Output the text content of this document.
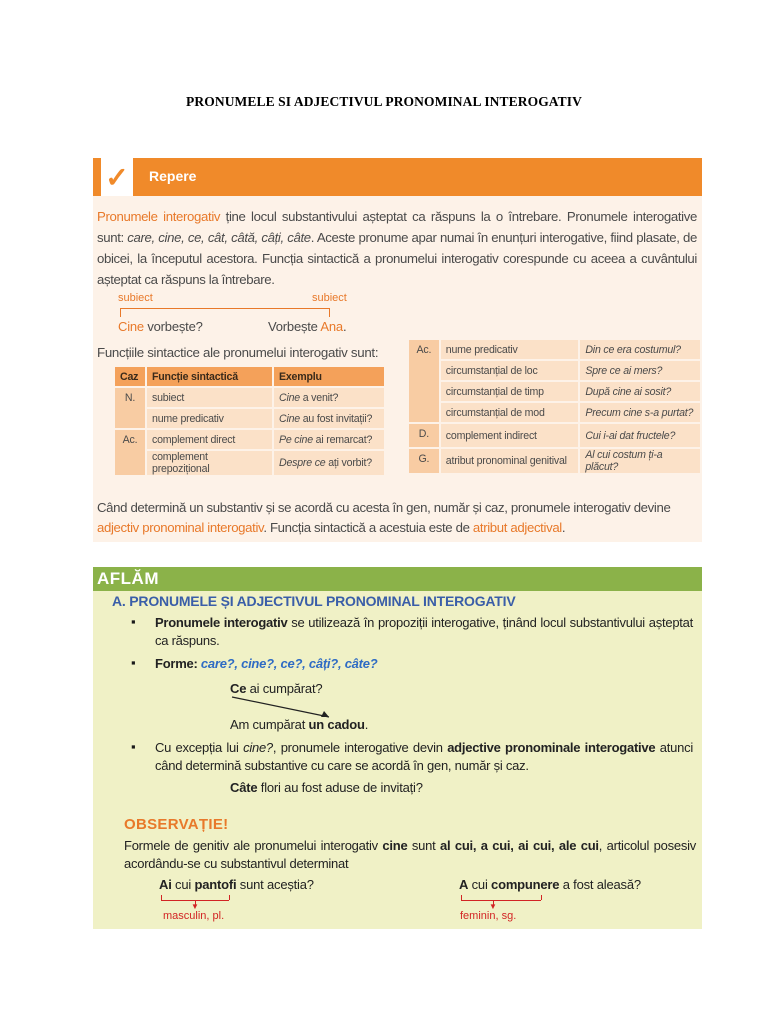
PRONUMELE SI ADJECTIVUL PRONOMINAL INTEROGATIV
✓	Repere
Pronumele interogativ ține locul substantivului așteptat ca răspuns la o întrebare. Pronumele interogative sunt: care, cine, ce, cât, câtă, câți, câte. Aceste pronume apar numai în enunțuri interogative, fiind plasate, de obicei, la începutul acestora. Funcția sintactică a pronumelui interogativ corespunde cu aceea a cuvântului așteptat ca răspuns la întrebare.
subiect	subiect
Cine vorbește?	Vorbește Ana.
Funcțiile sintactice ale pronumelui interogativ sunt:
Caz	Funcție sintactică	Exemplu
N.	subiect	Cine a venit?
	nume predicativ	Cine au fost invitații?
Ac.	complement direct	Pe cine ai remarcat?
	complement prepozițional	Despre ce ați vorbit?
Ac.	nume predicativ	Din ce era costumul?
	circumstanțial de loc	Spre ce ai mers?
	circumstanțial de timp	După cine ai sosit?
	circumstanțial de mod	Precum cine s-a purtat?
D.	complement indirect	Cui i-ai dat fructele?
G.	atribut pronominal genitival	Al cui costum ți-a plăcut?
Când determină un substantiv și se acordă cu acesta în gen, număr și caz, pronumele interogativ devine adjectiv pronominal interogativ. Funcția sintactică a acestuia este de atribut adjectival.
AFLĂM
A. PRONUMELE ȘI ADJECTIVUL PRONOMINAL INTEROGATIV
▪ Pronumele interogativ se utilizează în propoziții interogative, ținând locul substantivului așteptat ca răspuns.
▪ Forme: care?, cine?, ce?, câți?, câte?
Ce ai cumpărat?
Am cumpărat un cadou.
▪ Cu excepția lui cine?, pronumele interogative devin adjective pronominale interogative atunci când determină substantive cu care se acordă în gen, număr și caz.
Câte flori au fost aduse de invitați?
OBSERVAȚIE!
Formele de genitiv ale pronumelui interogativ cine sunt al cui, a cui, ai cui, ale cui, articolul posesiv acordându-se cu substantivul determinat
Ai cui pantofi sunt aceștia?
▼
masculin, pl.
A cui compunere a fost aleasă?
▼
feminin, sg.
